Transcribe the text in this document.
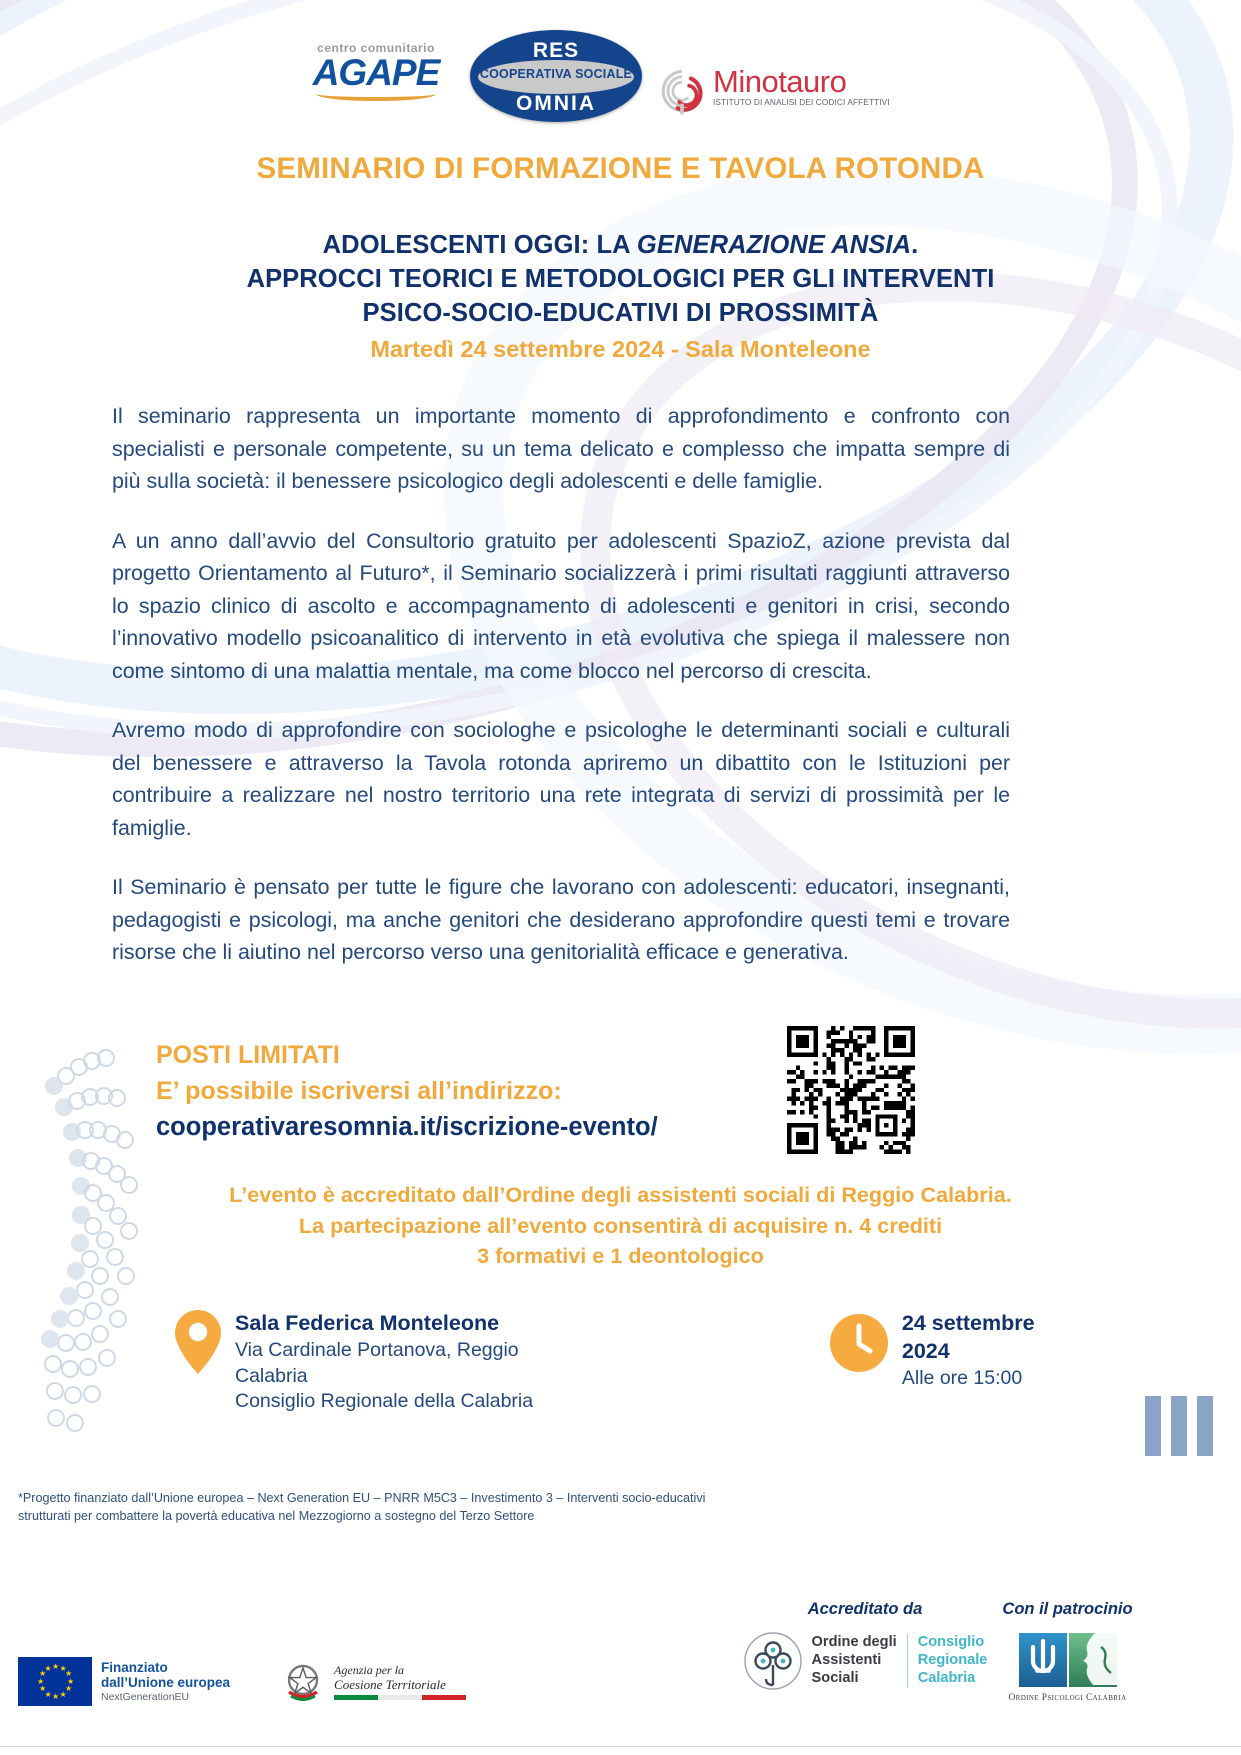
centro comunitario
AGAPE
RES
COOPERATIVA SOCIALE
OMNIA
Minotauro
ISTITUTO DI ANALISI DEI CODICI AFFETTIVI
SEMINARIO DI FORMAZIONE E TAVOLA ROTONDA
ADOLESCENTI OGGI: LA GENERAZIONE ANSIA.
APPROCCI TEORICI E METODOLOGICI PER GLI INTERVENTI
PSICO-SOCIO-EDUCATIVI DI PROSSIMITÀ
Martedì 24 settembre 2024 - Sala Monteleone

Il seminario rappresenta un importante momento di approfondimento e confronto con specialisti e personale competente, su un tema delicato e complesso che impatta sempre di più sulla società: il benessere psicologico degli adolescenti e delle famiglie.

A un anno dall’avvio del Consultorio gratuito per adolescenti SpazioZ, azione prevista dal progetto Orientamento al Futuro*, il Seminario socializzerà i primi risultati raggiunti attraverso lo spazio clinico di ascolto e accompagnamento di adolescenti e genitori in crisi, secondo l’innovativo modello psicoanalitico di intervento in età evolutiva che spiega il malessere non come sintomo di una malattia mentale, ma come blocco nel percorso di crescita.

Avremo modo di approfondire con sociologhe e psicologhe le determinanti sociali e culturali del benessere e attraverso la Tavola rotonda apriremo un dibattito con le Istituzioni per contribuire a realizzare nel nostro territorio una rete integrata di servizi di prossimità per le famiglie.

Il Seminario è pensato per tutte le figure che lavorano con adolescenti: educatori, insegnanti, pedagogisti e psicologi, ma anche genitori che desiderano approfondire questi temi e trovare risorse che li aiutino nel percorso verso una genitorialità efficace e generativa.

POSTI LIMITATI
E’ possibile iscriversi all’indirizzo:
cooperativaresomnia.it/iscrizione-evento/
L’evento è accreditato dall’Ordine degli assistenti sociali di Reggio Calabria.
La partecipazione all’evento consentirà di acquisire n. 4 crediti
3 formativi e 1 deontologico
Sala Federica Monteleone
Via Cardinale Portanova, Reggio Calabria
Consiglio Regionale della Calabria
24 settembre 2024
Alle ore 15:00
*Progetto finanziato dall’Unione europea – Next Generation EU – PNRR M5C3 – Investimento 3 – Interventi socio-educativi
strutturati per combattere la povertà educativa nel Mezzogiorno a sostegno del Terzo Settore
★ ★
★
★
★
★
★
★
★
★
★
★	Finanziato
dall’Unione europea
NextGenerationEU
Agenzia per la
Coesione Territoriale
Accreditato da
Ordine degli
Assistenti
Sociali
Consiglio
Regionale
Calabria
Con il patrocinio
Ordine Psicologi Calabria
